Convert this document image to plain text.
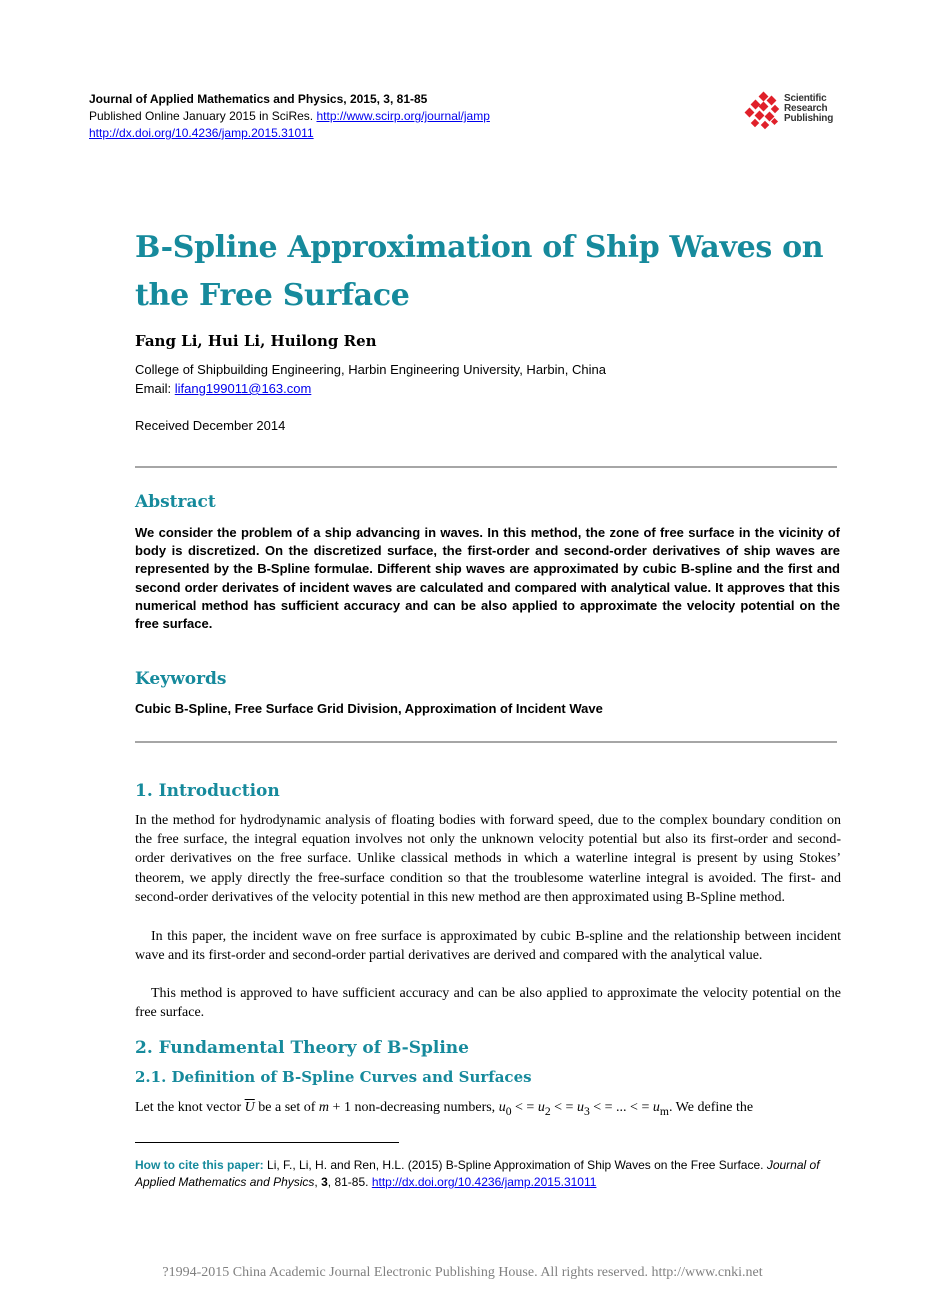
Journal of Applied Mathematics and Physics, 2015, 3, 81-85
Published Online January 2015 in SciRes. http://www.scirp.org/journal/jamp
http://dx.doi.org/10.4236/jamp.2015.31011
Scientific
Research
Publishing
B-Spline Approximation of Ship Waves on
the Free Surface
Fang Li, Hui Li, Huilong Ren
College of Shipbuilding Engineering, Harbin Engineering University, Harbin, China
Email: lifang199011@163.com
Received December 2014
Abstract
We consider the problem of a ship advancing in waves. In this method, the zone of free surface in the vicinity of body is discretized. On the discretized surface, the first-order and second-order derivatives of ship waves are represented by the B-Spline formulae. Different ship waves are approximated by cubic B-spline and the first and second order derivates of incident waves are calculated and compared with analytical value. It approves that this numerical method has sufficient accuracy and can be also applied to approximate the velocity potential on the free surface.
Keywords
Cubic B-Spline, Free Surface Grid Division, Approximation of Incident Wave
1. Introduction
In the method for hydrodynamic analysis of floating bodies with forward speed, due to the complex boundary condition on the free surface, the integral equation involves not only the unknown velocity potential but also its first-order and second-order derivatives on the free surface. Unlike classical methods in which a waterline integral is present by using Stokes’ theorem, we apply directly the free-surface condition so that the troublesome waterline integral is avoided. The first- and second-order derivatives of the velocity potential in this new method are then approximated using B-Spline method.
In this paper, the incident wave on free surface is approximated by cubic B-spline and the relationship between incident wave and its first-order and second-order partial derivatives are derived and compared with the analytical value.
This method is approved to have sufficient accuracy and can be also applied to approximate the velocity potential on the free surface.
2. Fundamental Theory of B-Spline
2.1. Definition of B-Spline Curves and Surfaces
Let the knot vector $\overline{U}$ be a set of m + 1 non-decreasing numbers, $u_0$ < = $u_2$ < = $u_3$ < = ... < = $u_m$. We define the
How to cite this paper: Li, F., Li, H. and Ren, H.L. (2015) B-Spline Approximation of Ship Waves on the Free Surface. Journal of Applied Mathematics and Physics, 3, 81-85. http://dx.doi.org/10.4236/jamp.2015.31011
?1994-2015 China Academic Journal Electronic Publishing House. All rights reserved. http://www.cnki.net
